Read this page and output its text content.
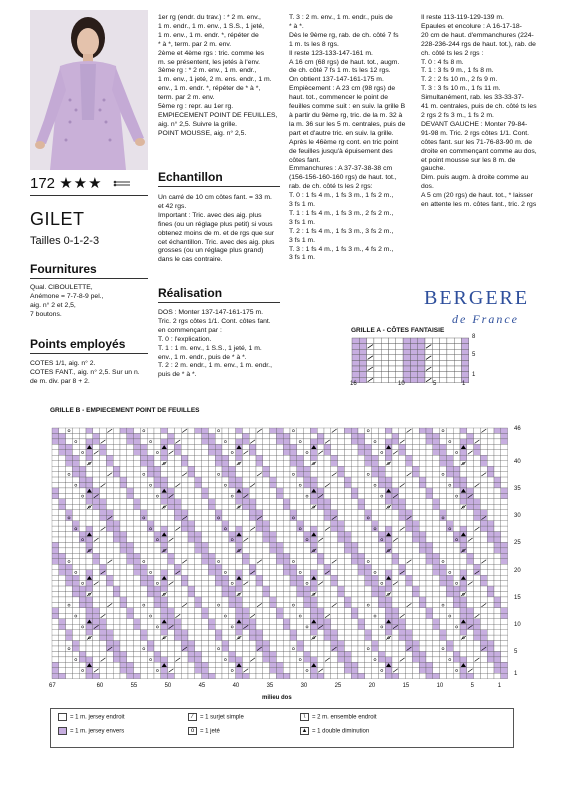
172 ★★★
GILET
Tailles 0-1-2-3
Fournitures
Qual. CIBOULETTE,
Anémone = 7-7-8-9 pel.,
aig. n° 2 et 2,5,
7 boutons.
Points employés
COTES 1/1, aig. n° 2.
COTES FANT., aig. n° 2,5. Sur un n.
de m. div. par 8 + 2.
1er rg (endr. du trav.) : * 2 m. env.,
1 m. endr., 1 m. env., 1 S.S., 1 jeté,
1 m. env., 1 m. endr. *, répéter de
* à *, term. par 2 m. env.
2ème et 4ème rgs : tric. comme les
m. se présentent, les jetés à l'env.
3ème rg : * 2 m. env., 1 m. endr.,
1 m. env., 1 jeté, 2 m. ens. endr., 1 m.
env., 1 m. endr. *, répéter de * à *,
term. par 2 m. env.
5ème rg : repr. au 1er rg.
EMPIECEMENT POINT DE FEUILLES,
aig. n° 2,5. Suivre la grille.
POINT MOUSSE, aig. n° 2,5.
Echantillon
Un carré de 10 cm côtes fant. = 33 m.
et 42 rgs.
Important : Tric. avec des aig. plus
fines (ou un réglage plus petit) si vous
obtenez moins de m. et de rgs que sur
cet échantillon. Tric. avec des aig. plus
grosses (ou un réglage plus grand)
dans le cas contraire.
Réalisation
DOS : Monter 137-147-161-175 m.
Tric. 2 rgs côtes 1/1. Cont. côtes fant.
en commençant par :
T. 0 : l'explication.
T. 1 : 1 m. env., 1 S.S., 1 jeté, 1 m.
env., 1 m. endr., puis de * à *.
T. 2 : 2 m. endr., 1 m. env., 1 m. endr.,
puis de * à *.
T. 3 : 2 m. env., 1 m. endr., puis de
* à *.
Dès le 9ème rg, rab. de ch. côté 7 fs
1 m. ts les 8 rgs.
Il reste 123-133-147-161 m.
A 16 cm (68 rgs) de haut. tot., augm.
de ch. côté 7 fs 1 m. ts les 12 rgs.
On obtient 137-147-161-175 m.
Empiècement : A 23 cm (98 rgs) de
haut. tot., commencer le point de
feuilles comme suit : en suiv. la grille B
à partir du 9ème rg, tric. de la m. 32 à
la m. 36 sur les 5 m. centrales, puis de
part et d'autre tric. en suiv. la grille.
Après le 46ème rg cont. en tric point
de feuilles jusqu'à épuisement des
côtes fant.
Emmanchures : A 37-37-38-38 cm
(156-156-160-160 rgs) de haut. tot.,
rab. de ch. côté ts les 2 rgs:
T. 0 : 1 fs 4 m., 1 fs 3 m., 1 fs 2 m.,
3 fs 1 m.
T. 1 : 1 fs 4 m., 1 fs 3 m., 2 fs 2 m.,
3 fs 1 m.
T. 2 : 1 fs 4 m., 1 fs 3 m., 3 fs 2 m.,
3 fs 1 m.
T. 3 : 1 fs 4 m., 1 fs 3 m., 4 fs 2 m.,
3 fs 1 m.
Il reste 113-119-129-139 m.
Epaules et encolure : A 16-17-18-
20 cm de haut. d'emmanchures (224-
228-236-244 rgs de haut. tot.), rab. de
ch. côté ts les 2 rgs :
T. 0 : 4 fs 8 m.
T. 1 : 3 fs 9 m., 1 fs 8 m.
T. 2 : 2 fs 10 m., 2 fs 9 m.
T. 3 : 3 fs 10 m., 1 fs 11 m.
Simultanément, rab. les 33-33-37-
41 m. centrales, puis de ch. côté ts les
2 rgs 2 fs 3 m., 1 fs 2 m.
DEVANT GAUCHE : Monter 79-84-
91-98 m. Tric. 2 rgs côtes 1/1. Cont.
côtes fant. sur les 71-76-83-90 m. de
droite en commençant comme au dos,
et point mousse sur les 8 m. de
gauche.
Dim. puis augm. à droite comme au
dos.
A 5 cm (20 rgs) de haut. tot., * laisser
en attente les m. côtes fant., tric. 2 rgs
BERGERE
de France
GRILLE A - CÔTES FANTAISIE
8
5
1
16	10	5	1
GRILLE B - EMPIECEMENT POINT DE FEUILLES
46
40
35
30
25
20
15
10
5
1
67	60	55	50	45	40	35	30	25	20	15	10	5	1
milieu dos
= 1 m. jersey endroit
= 1 m. jersey envers
⁄ = 1 surjet simple
o = 1 jeté
\ = 2 m. ensemble endroit
▲ = 1 double diminution
